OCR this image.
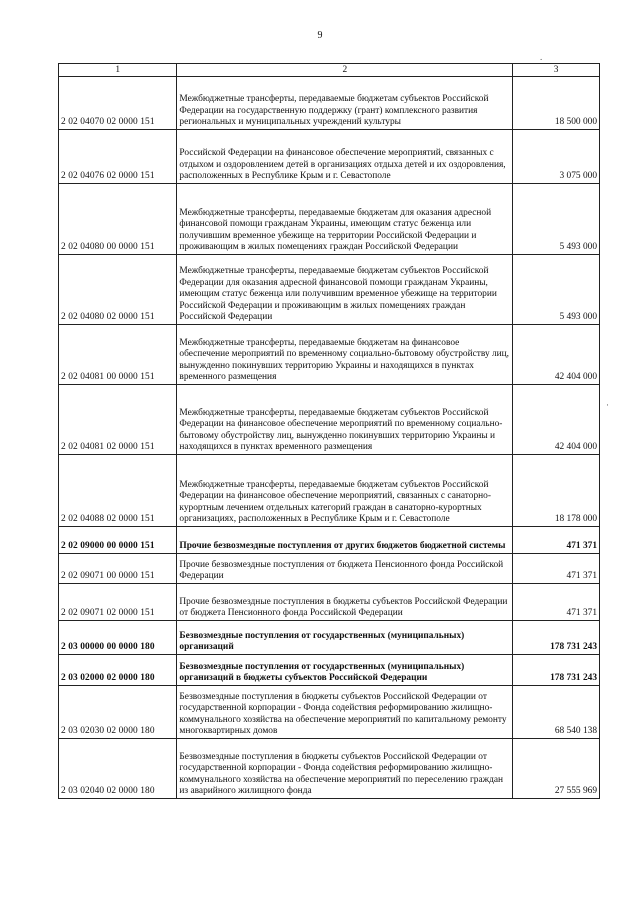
9
1	2	3
2 02 04070 02 0000 151	Межбюджетные трансферты, передаваемые бюджетам субъектов Российской Федерации на государственную поддержку (грант) комплексного развития региональных и муниципальных учреждений культуры	18 500 000
2 02 04076 02 0000 151	Российской Федерации на финансовое обеспечение мероприятий, связанных с отдыхом и оздоровлением детей в организациях отдыха детей и их оздоровления, расположенных в Республике Крым и г. Севастополе	3 075 000
2 02 04080 00 0000 151	Межбюджетные трансферты, передаваемые бюджетам для оказания адресной финансовой помощи гражданам Украины, имеющим статус беженца или получившим временное убежище на территории Российской Федерации и проживающим в жилых помещениях граждан Российской Федерации	5 493 000
2 02 04080 02 0000 151	Межбюджетные трансферты, передаваемые бюджетам субъектов Российской Федерации для оказания адресной финансовой помощи гражданам Украины, имеющим статус беженца или получившим временное убежище на территории Российской Федерации и проживающим в жилых помещениях граждан Российской Федерации	5 493 000
2 02 04081 00 0000 151	Межбюджетные трансферты, передаваемые бюджетам на финансовое обеспечение мероприятий по временному социально-бытовому обустройству лиц, вынужденно покинувших территорию Украины и находящихся в пунктах временного размещения	42 404 000
2 02 04081 02 0000 151	Межбюджетные трансферты, передаваемые бюджетам субъектов Российской Федерации на финансовое обеспечение мероприятий по временному социально-бытовому обустройству лиц, вынужденно покинувших территорию Украины и находящихся в пунктах временного размещения	42 404 000
2 02 04088 02 0000 151	Межбюджетные трансферты, передаваемые бюджетам субъектов Российской Федерации на финансовое обеспечение мероприятий, связанных с санаторно-курортным лечением отдельных категорий граждан в санаторно-курортных организациях, расположенных в Республике Крым и г. Севастополе	18 178 000
2 02 09000 00 0000 151	Прочие безвозмездные поступления от других бюджетов бюджетной системы	471 371
2 02 09071 00 0000 151	Прочие безвозмездные поступления от бюджета Пенсионного фонда Российской Федерации	471 371
2 02 09071 02 0000 151	Прочие безвозмездные поступления в бюджеты субъектов Российской Федерации от бюджета Пенсионного фонда Российской Федерации	471 371
2 03 00000 00 0000 180	Безвозмездные поступления от государственных (муниципальных) организаций	178 731 243
2 03 02000 02 0000 180	Безвозмездные поступления от государственных (муниципальных) организаций в бюджеты субъектов Российской Федерации	178 731 243
2 03 02030 02 0000 180	Безвозмездные поступления в бюджеты субъектов Российской Федерации от государственной корпорации - Фонда содействия реформированию жилищно-коммунального хозяйства на обеспечение мероприятий по капитальному ремонту многоквартирных домов	68 540 138
2 03 02040 02 0000 180	Безвозмездные поступления в бюджеты субъектов Российской Федерации от государственной корпорации - Фонда содействия реформированию жилищно-коммунального хозяйства на обеспечение мероприятий по переселению граждан из аварийного жилищного фонда	27 555 969
.
·
